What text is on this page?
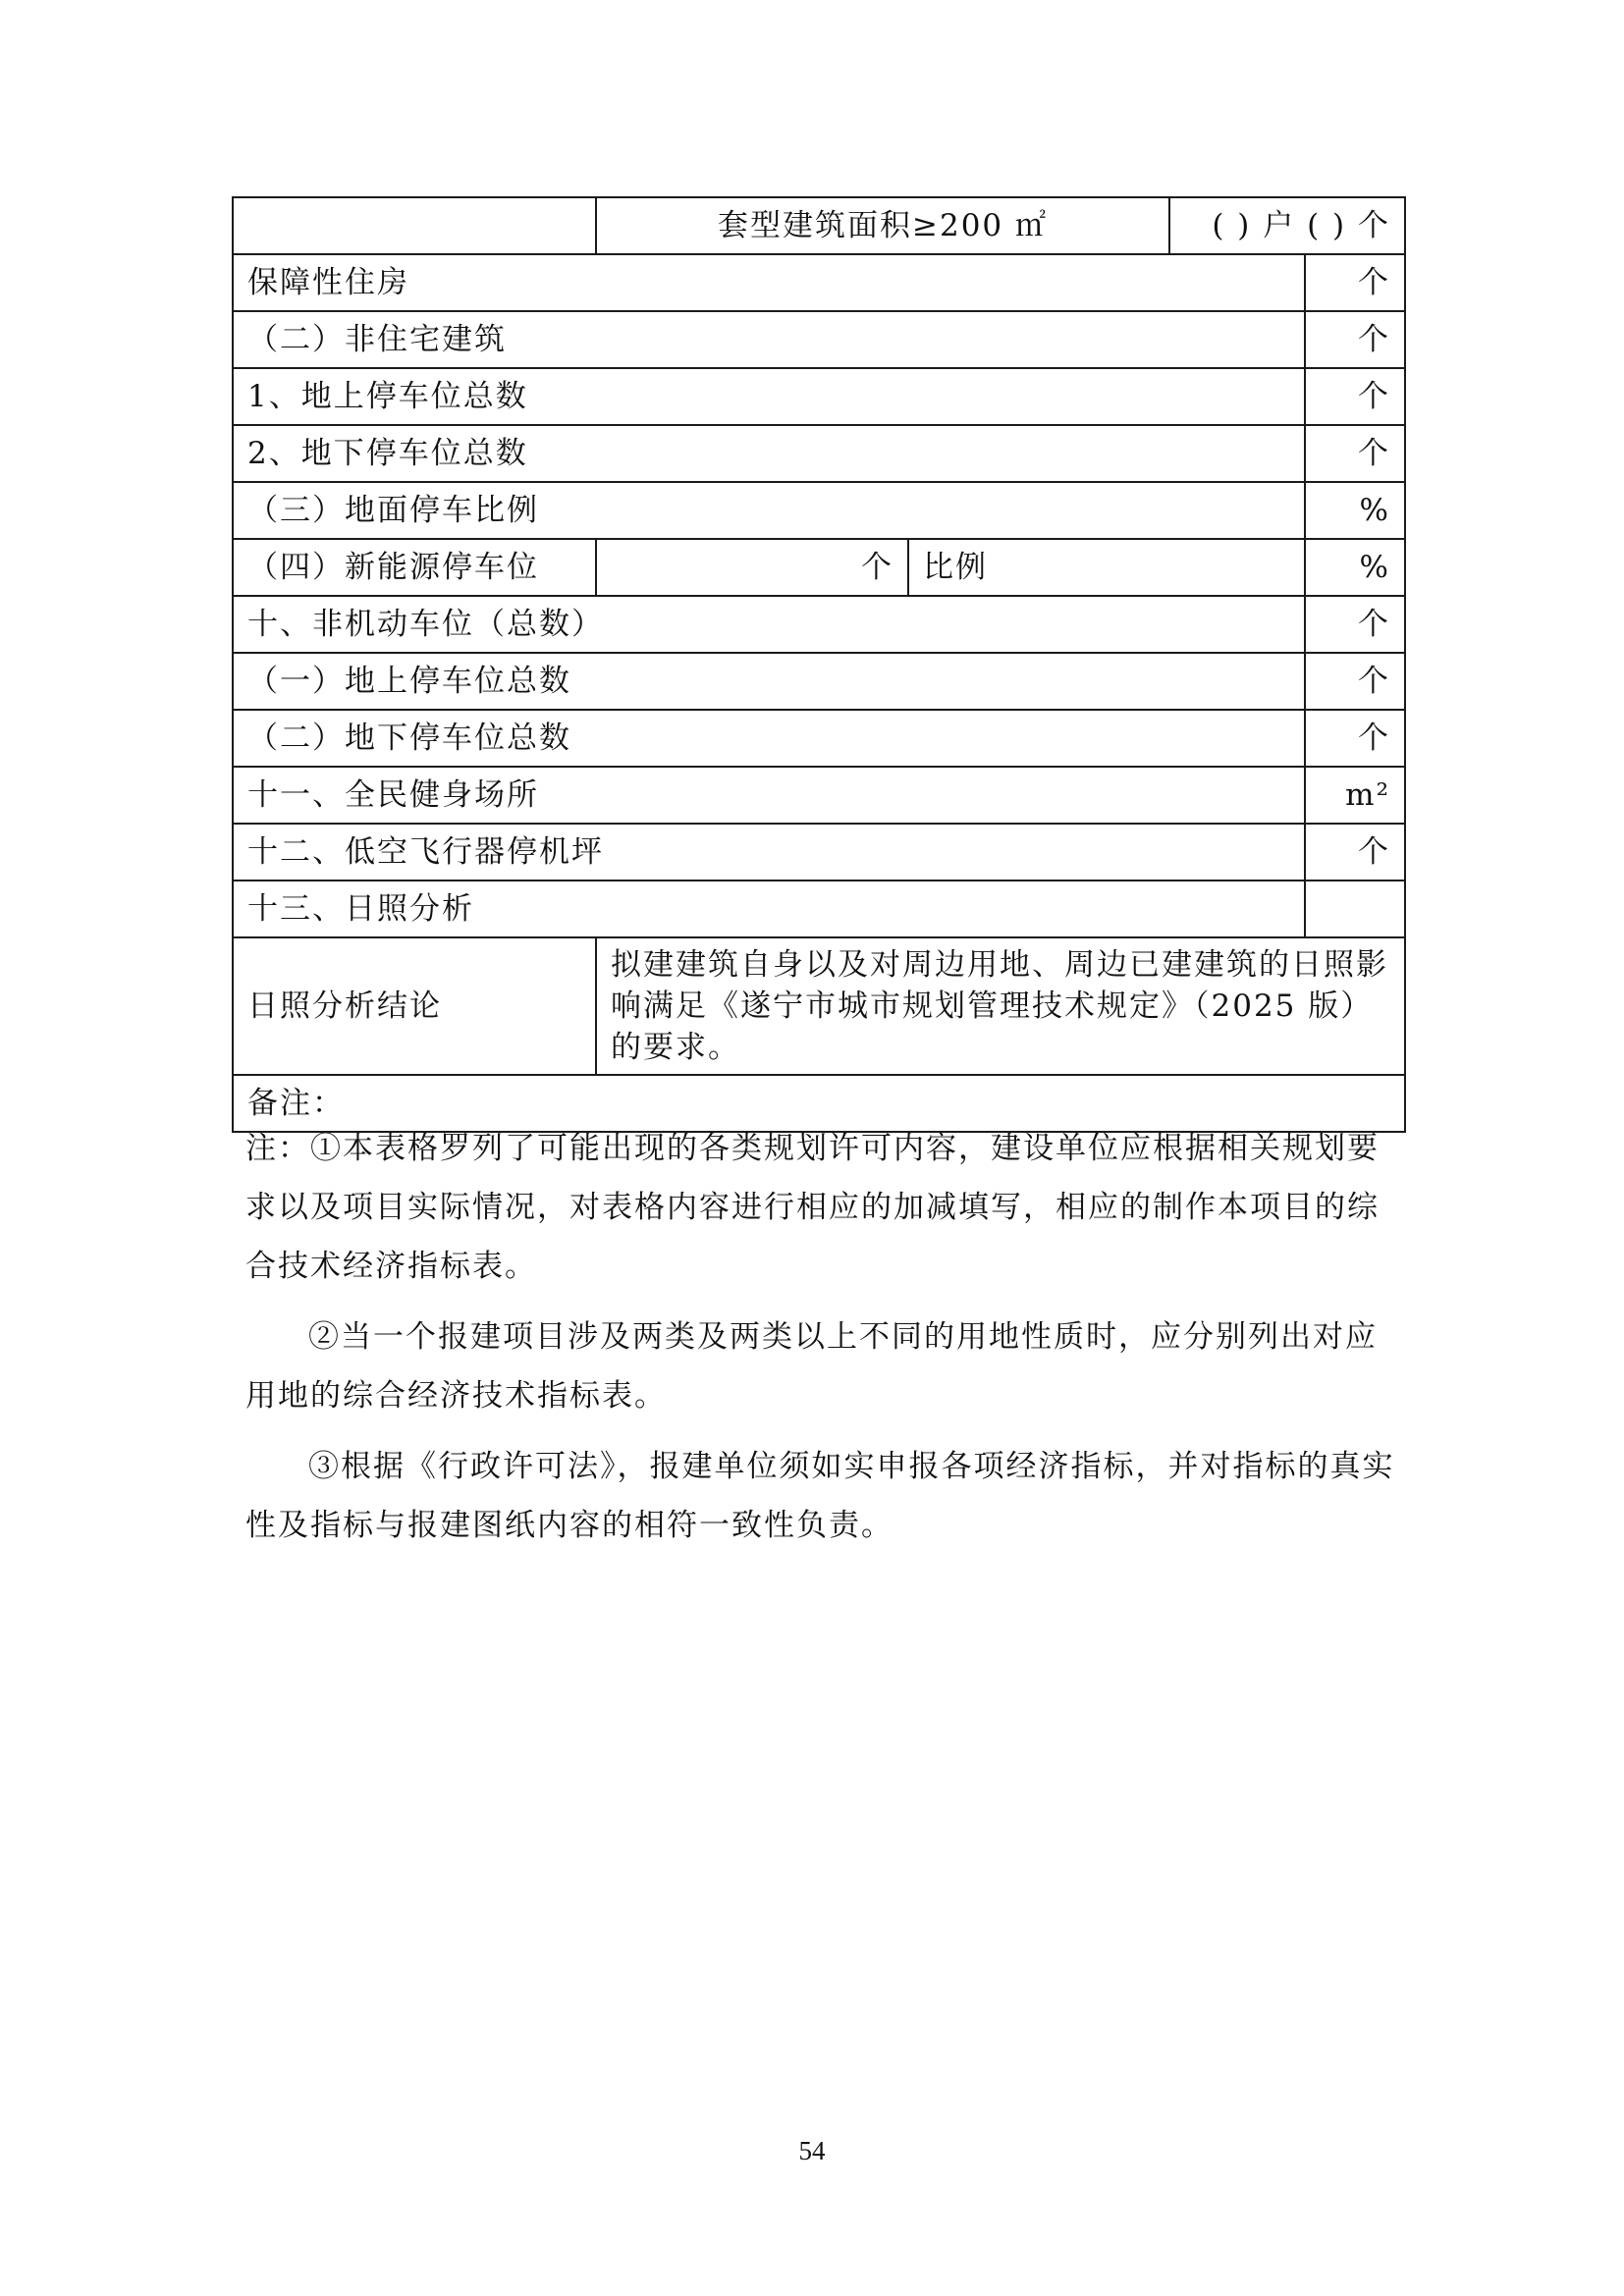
	套型建筑面积≥200 ㎡		( ) 户 ( ) 个	
保障性住房				个
（二）非住宅建筑				个
1、地上停车位总数				个
2、地下停车位总数				个
（三）地面停车比例				%
（四）新能源停车位	个	比例		%
十、非机动车位（总数）				个
（一）地上停车位总数				个
（二）地下停车位总数				个
十一、全民健身场所				m²
十二、低空飞行器停机坪				个
十三、日照分析				
日照分析结论	拟建建筑自身以及对周边用地、周边已建建筑的日照影响满足《遂宁市城市规划管理技术规定》（2025 版）的要求。			
备注：				

注：①本表格罗列了可能出现的各类规划许可内容，建设单位应根据相关规划要求以及项目实际情况，对表格内容进行相应的加减填写，相应的制作本项目的综合技术经济指标表。

②当一个报建项目涉及两类及两类以上不同的用地性质时，应分别列出对应用地的综合经济技术指标表。

③根据《行政许可法》，报建单位须如实申报各项经济指标，并对指标的真实性及指标与报建图纸内容的相符一致性负责。

54
